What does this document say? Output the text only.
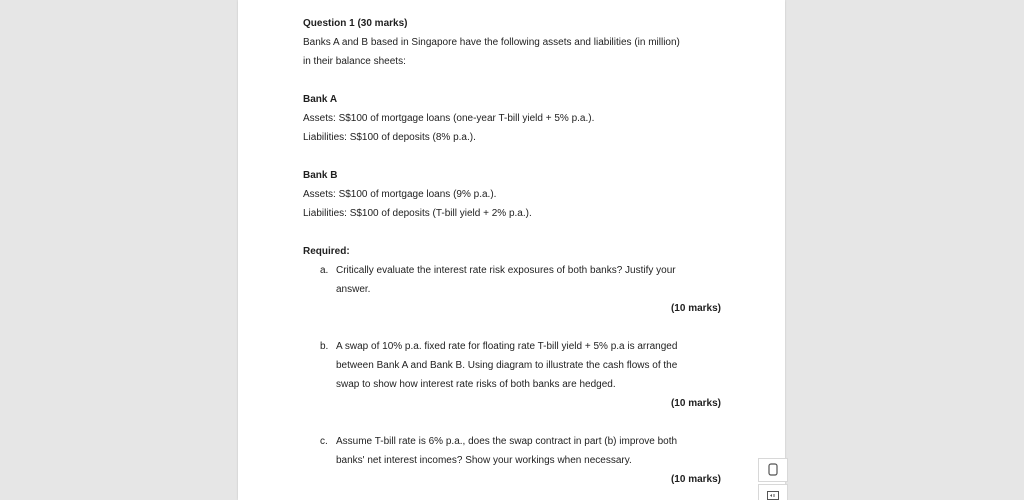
Question 1 (30 marks)
Banks A and B based in Singapore have the following assets and liabilities (in million)
in their balance sheets:
Bank A
Assets: S$100 of mortgage loans (one-year T-bill yield + 5% p.a.).
Liabilities: S$100 of deposits (8% p.a.).
Bank B
Assets: S$100 of mortgage loans (9% p.a.).
Liabilities: S$100 of deposits (T-bill yield + 2% p.a.).
Required:
a. Critically evaluate the interest rate risk exposures of both banks? Justify your
answer.
(10 marks)
b. A swap of 10% p.a. fixed rate for floating rate T-bill yield + 5% p.a is arranged
between Bank A and Bank B. Using diagram to illustrate the cash flows of the
swap to show how interest rate risks of both banks are hedged.
(10 marks)
c. Assume T-bill rate is 6% p.a., does the swap contract in part (b) improve both
banks' net interest incomes? Show your workings when necessary.
(10 marks)
